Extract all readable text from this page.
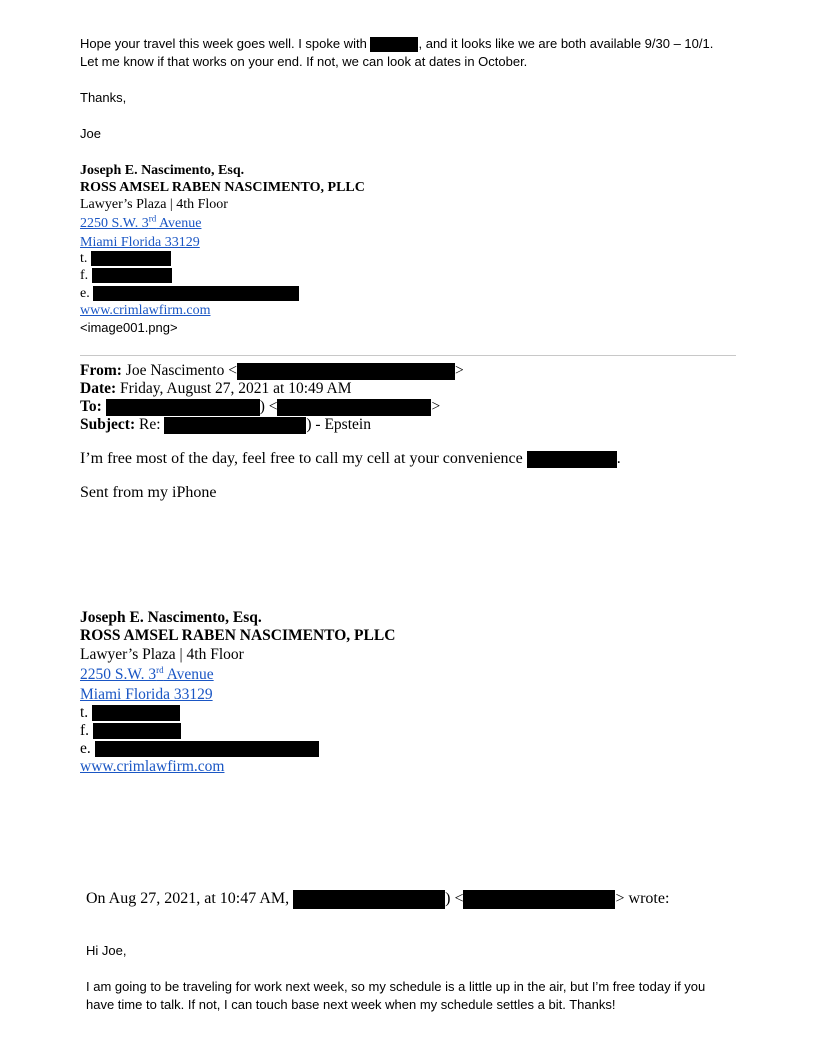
Hope your travel this week goes well. I spoke with	, and it looks like we are both available 9/30 – 10/1.
Let me know if that works on your end. If not, we can look at dates in October.
Thanks,
Joe
Joseph E. Nascimento, Esq.
ROSS AMSEL RABEN NASCIMENTO, PLLC
Lawyer’s Plaza | 4th Floor
2250 S.W. 3rd Avenue
Miami Florida 33129
t.
f.
e.
www.crimlawfirm.com
<image001.png>
From: Joe Nascimento <	>
Date: Friday, August 27, 2021 at 10:49 AM
To:	) <	>
Subject: Re:	) - Epstein
I’m free most of the day, feel free to call my cell at your convenience	.
Sent from my iPhone
Joseph E. Nascimento, Esq.
ROSS AMSEL RABEN NASCIMENTO, PLLC
Lawyer’s Plaza | 4th Floor
2250 S.W. 3rd Avenue
Miami Florida 33129
t.
f.
e.
www.crimlawfirm.com
On Aug 27, 2021, at 10:47 AM,	) <	> wrote:
Hi Joe,
I am going to be traveling for work next week, so my schedule is a little up in the air, but I’m free today if you
have time to talk. If not, I can touch base next week when my schedule settles a bit. Thanks!
